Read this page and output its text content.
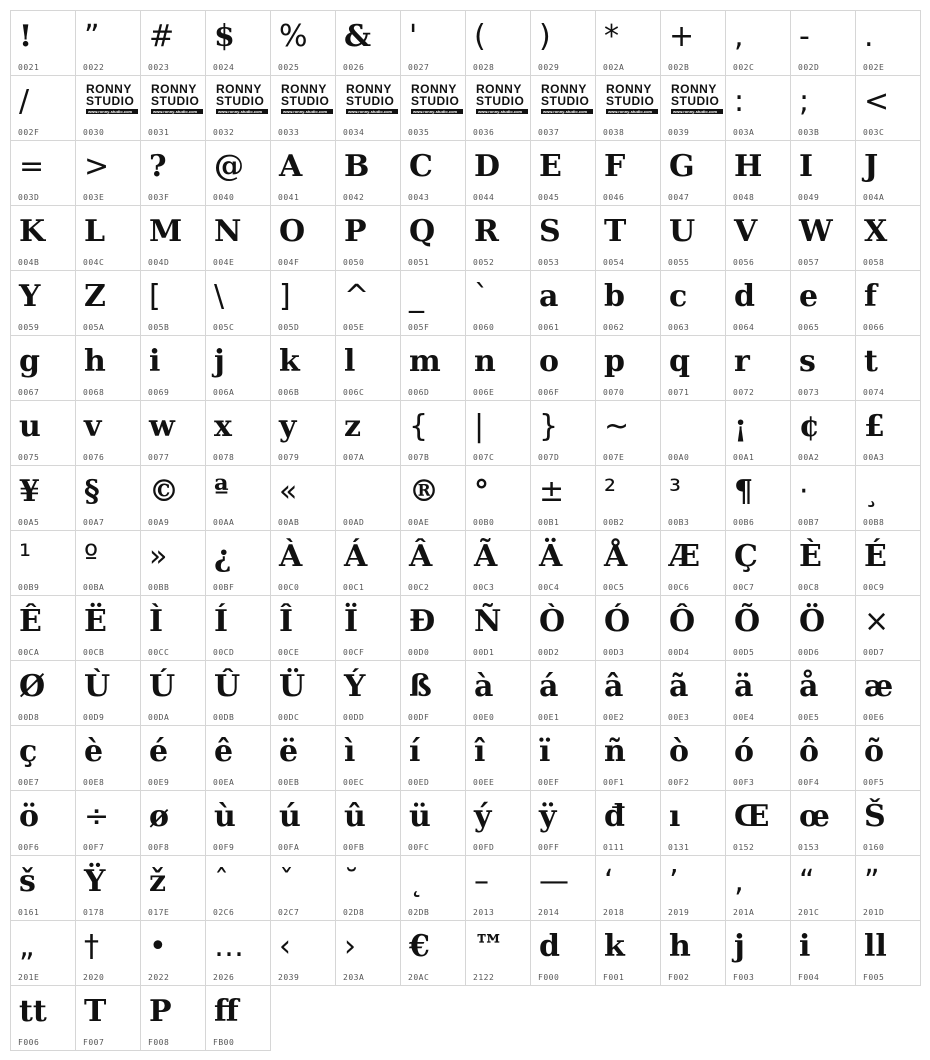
!
0021
”
0022
#
0023
$
0024
%
0025
&
0026
'
0027
(
0028
)
0029
*
002A
+
002B
,
002C
-
002D
.
002E
/
002F
RONNY
STUDIO
www.ronny-studio.com
0030
RONNY
STUDIO
www.ronny-studio.com
0031
RONNY
STUDIO
www.ronny-studio.com
0032
RONNY
STUDIO
www.ronny-studio.com
0033
RONNY
STUDIO
www.ronny-studio.com
0034
RONNY
STUDIO
www.ronny-studio.com
0035
RONNY
STUDIO
www.ronny-studio.com
0036
RONNY
STUDIO
www.ronny-studio.com
0037
RONNY
STUDIO
www.ronny-studio.com
0038
RONNY
STUDIO
www.ronny-studio.com
0039
:
003A
;
003B
<
003C
=
003D
>
003E
?
003F
@
0040
A
0041
B
0042
C
0043
D
0044
E
0045
F
0046
G
0047
H
0048
I
0049
J
004A
K
004B
L
004C
M
004D
N
004E
O
004F
P
0050
Q
0051
R
0052
S
0053
T
0054
U
0055
V
0056
W
0057
X
0058
Y
0059
Z
005A
[
005B
\
005C
]
005D
^
005E
_
005F
`
0060
a
0061
b
0062
c
0063
d
0064
e
0065
f
0066
g
0067
h
0068
i
0069
j
006A
k
006B
l
006C
m
006D
n
006E
o
006F
p
0070
q
0071
r
0072
s
0073
t
0074
u
0075
v
0076
w
0077
x
0078
y
0079
z
007A
{
007B
|
007C
}
007D
~
007E	00A0
¡
00A1
¢
00A2
£
00A3
¥
00A5
§
00A7
©
00A9
ª
00AA
«
00AB	00AD
®
00AE
°
00B0
±
00B1
²
00B2
³
00B3
¶
00B6
·
00B7
¸
00B8
¹
00B9
º
00BA
»
00BB
¿
00BF
À
00C0
Á
00C1
Â
00C2
Ã
00C3
Ä
00C4
Å
00C5
Æ
00C6
Ç
00C7
È
00C8
É
00C9
Ê
00CA
Ë
00CB
Ì
00CC
Í
00CD
Î
00CE
Ï
00CF
Ð
00D0
Ñ
00D1
Ò
00D2
Ó
00D3
Ô
00D4
Õ
00D5
Ö
00D6
×
00D7
Ø
00D8
Ù
00D9
Ú
00DA
Û
00DB
Ü
00DC
Ý
00DD
ß
00DF
à
00E0
á
00E1
â
00E2
ã
00E3
ä
00E4
å
00E5
æ
00E6
ç
00E7
è
00E8
é
00E9
ê
00EA
ë
00EB
ì
00EC
í
00ED
î
00EE
ï
00EF
ñ
00F1
ò
00F2
ó
00F3
ô
00F4
õ
00F5
ö
00F6
÷
00F7
ø
00F8
ù
00F9
ú
00FA
û
00FB
ü
00FC
ý
00FD
ÿ
00FF
đ
0111
ı
0131
Œ
0152
œ
0153
Š
0160
š
0161
Ÿ
0178
ž
017E
ˆ
02C6
ˇ
02C7
˘
02D8
˛
02DB
–
2013
—
2014
‘
2018
’
2019
‚
201A
“
201C
”
201D
„
201E
†
2020
•
2022
…
2026
‹
2039
›
203A
€
20AC
™
2122
d
F000
k
F001
h
F002
j
F003
i
F004
ll
F005
tt
F006
T
F007
P
F008
ff
FB00
